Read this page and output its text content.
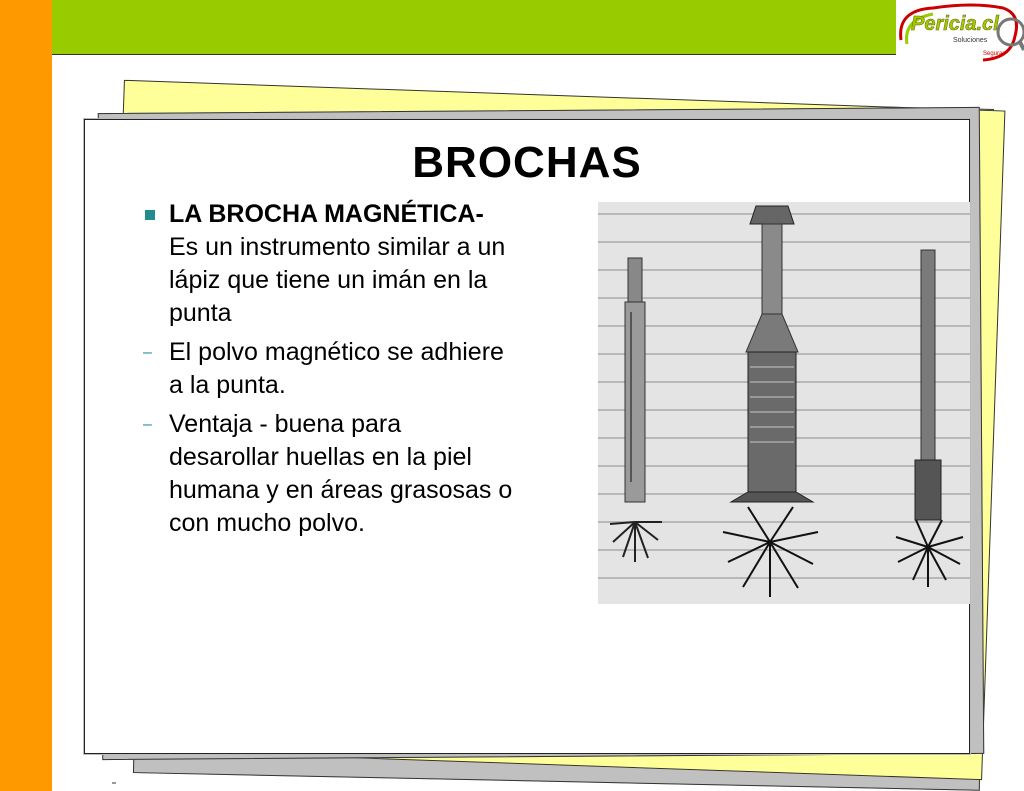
Pericia.cl
Soluciones
Seguras
BROCHAS
LA BROCHA MAGNÉTICA- Es un instrumento similar a un lápiz que tiene un imán en la punta
– El polvo magnético se adhiere a la punta.
– Ventaja - buena para desarollar huellas en la piel humana y en áreas grasosas o con mucho polvo.
